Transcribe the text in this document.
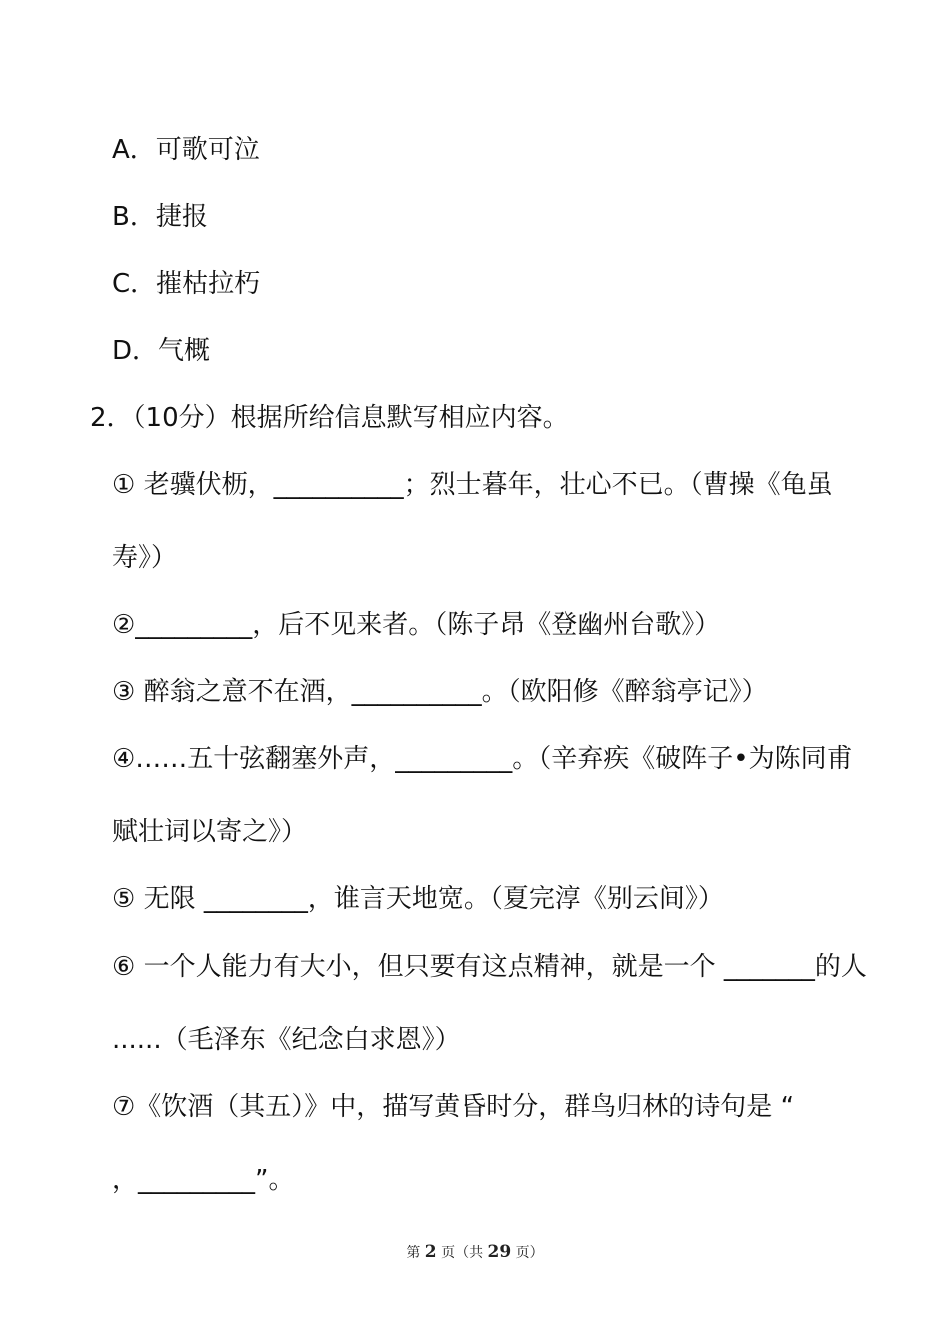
A．可歌可泣
B．捷报
C．摧枯拉朽
D．气概
2．（10分）根据所给信息默写相应内容。
① 老骥伏枥，__________；烈士暮年，壮心不已。（曹操《龟虽
寿》）
②_________，后不见来者。（陈子昂《登幽州台歌》）
③ 醉翁之意不在酒，__________。（欧阳修《醉翁亭记》）
④……五十弦翻塞外声，_________。（辛弃疾《破阵子•为陈同甫
赋壮词以寄之》）
⑤ 无限 ________，谁言天地宽。（夏完淳《别云间》）
⑥ 一个人能力有大小，但只要有这点精神，就是一个 _______的人
......（毛泽东《纪念白求恩》）
⑦《饮酒（其五）》中，描写黄昏时分，群鸟归林的诗句是 “
，_________”。
第 2 页（共 29 页）
